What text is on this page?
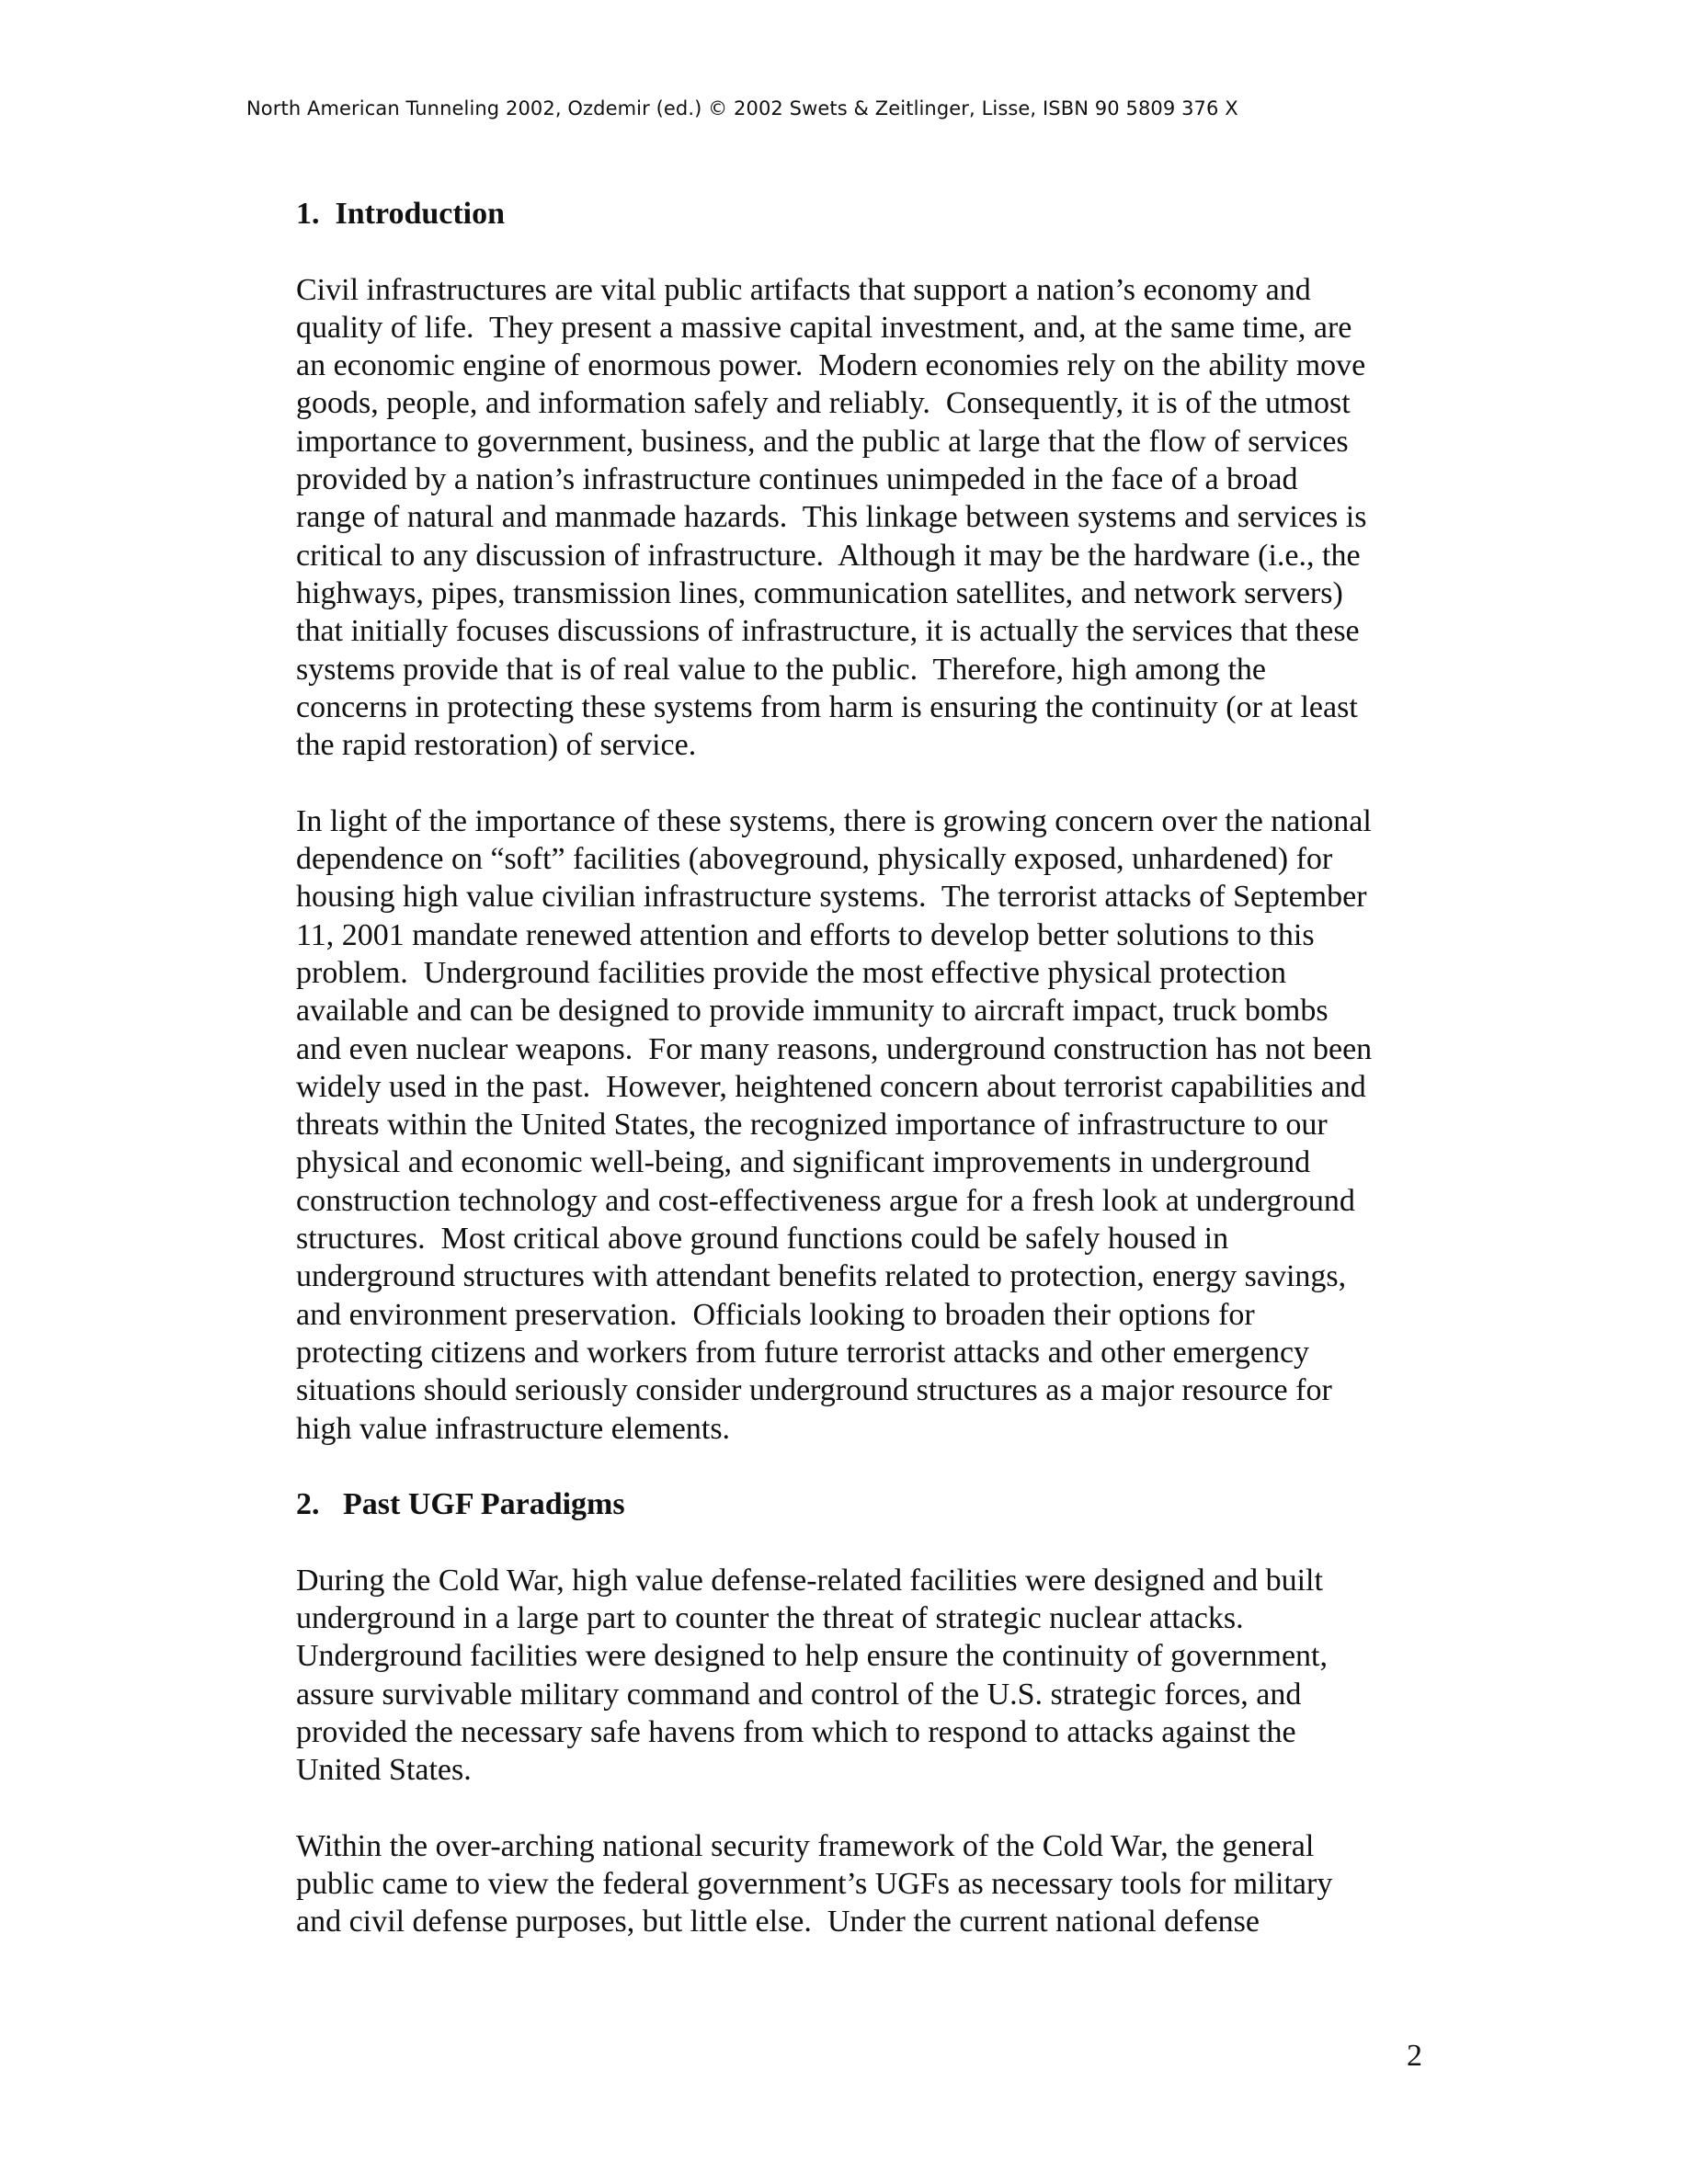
North American Tunneling 2002, Ozdemir (ed.) © 2002 Swets & Zeitlinger, Lisse, ISBN 90 5809 376 X
1.  Introduction
Civil infrastructures are vital public artifacts that support a nation’s economy and
quality of life.  They present a massive capital investment, and, at the same time, are
an economic engine of enormous power.  Modern economies rely on the ability move
goods, people, and information safely and reliably.  Consequently, it is of the utmost
importance to government, business, and the public at large that the flow of services
provided by a nation’s infrastructure continues unimpeded in the face of a broad
range of natural and manmade hazards.  This linkage between systems and services is
critical to any discussion of infrastructure.  Although it may be the hardware (i.e., the
highways, pipes, transmission lines, communication satellites, and network servers)
that initially focuses discussions of infrastructure, it is actually the services that these
systems provide that is of real value to the public.  Therefore, high among the
concerns in protecting these systems from harm is ensuring the continuity (or at least
the rapid restoration) of service.
In light of the importance of these systems, there is growing concern over the national
dependence on “soft” facilities (aboveground, physically exposed, unhardened) for
housing high value civilian infrastructure systems.  The terrorist attacks of September
11, 2001 mandate renewed attention and efforts to develop better solutions to this
problem.  Underground facilities provide the most effective physical protection
available and can be designed to provide immunity to aircraft impact, truck bombs
and even nuclear weapons.  For many reasons, underground construction has not been
widely used in the past.  However, heightened concern about terrorist capabilities and
threats within the United States, the recognized importance of infrastructure to our
physical and economic well-being, and significant improvements in underground
construction technology and cost-effectiveness argue for a fresh look at underground
structures.  Most critical above ground functions could be safely housed in
underground structures with attendant benefits related to protection, energy savings,
and environment preservation.  Officials looking to broaden their options for
protecting citizens and workers from future terrorist attacks and other emergency
situations should seriously consider underground structures as a major resource for
high value infrastructure elements.
2.   Past UGF Paradigms
During the Cold War, high value defense-related facilities were designed and built
underground in a large part to counter the threat of strategic nuclear attacks.
Underground facilities were designed to help ensure the continuity of government,
assure survivable military command and control of the U.S. strategic forces, and
provided the necessary safe havens from which to respond to attacks against the
United States.
Within the over-arching national security framework of the Cold War, the general
public came to view the federal government’s UGFs as necessary tools for military
and civil defense purposes, but little else.  Under the current national defense
2
